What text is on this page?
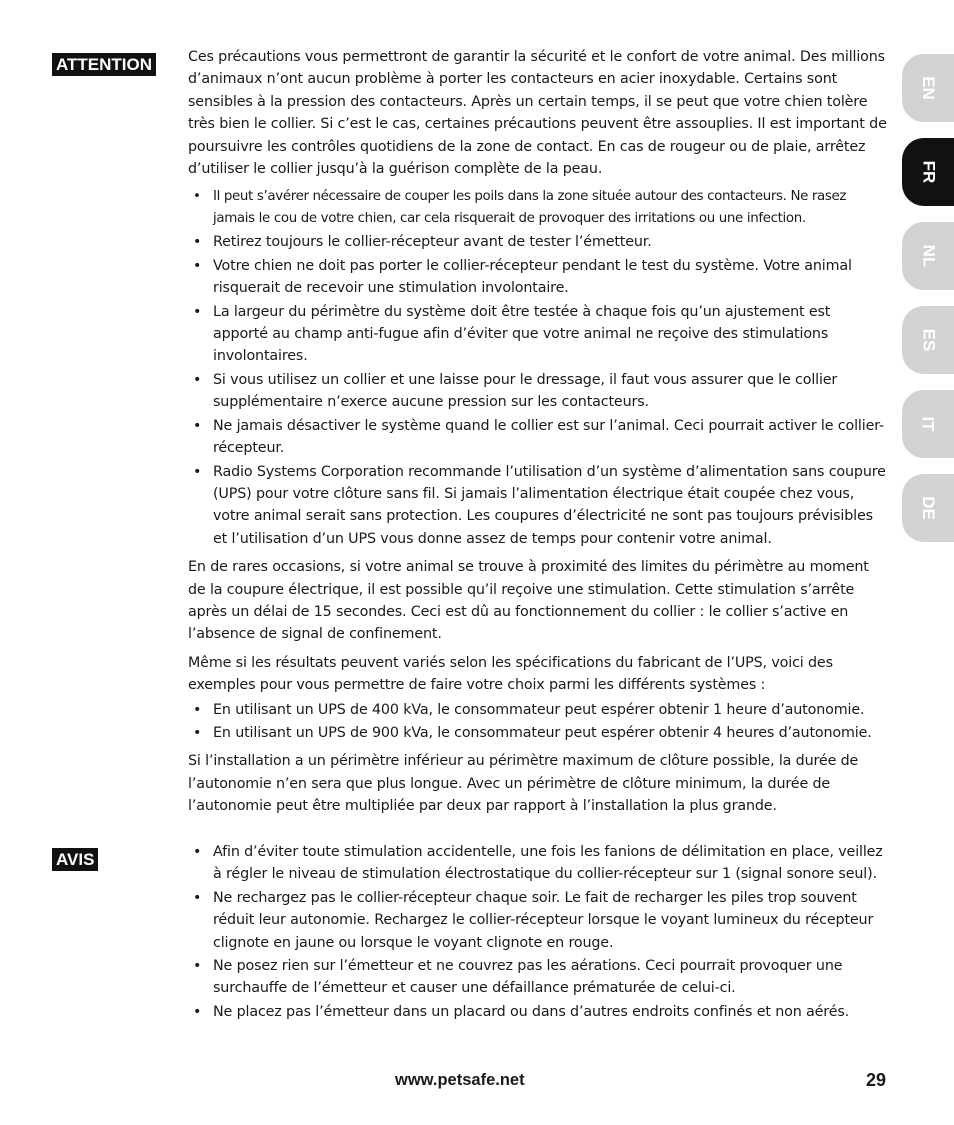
ATTENTION
AVIS

Ces précautions vous permettront de garantir la sécurité et le confort de votre animal. Des millions d’animaux n’ont aucun problème à porter les contacteurs en acier inoxydable. Certains sont sensibles à la pression des contacteurs. Après un certain temps, il se peut que votre chien tolère très bien le collier. Si c’est le cas, certaines précautions peuvent être assouplies. Il est important de poursuivre les contrôles quotidiens de la zone de contact. En cas de rougeur ou de plaie, arrêtez d’utiliser le collier jusqu’à la guérison complète de la peau.

• Il peut s’avérer nécessaire de couper les poils dans la zone située autour des contacteurs. Ne rasez jamais le cou de votre chien, car cela risquerait de provoquer des irritations ou une infection.
• Retirez toujours le collier-récepteur avant de tester l’émetteur.
• Votre chien ne doit pas porter le collier-récepteur pendant le test du système. Votre animal risquerait de recevoir une stimulation involontaire.
• La largeur du périmètre du système doit être testée à chaque fois qu’un ajustement est apporté au champ anti-fugue afin d’éviter que votre animal ne reçoive des stimulations involontaires.
• Si vous utilisez un collier et une laisse pour le dressage, il faut vous assurer que le collier supplémentaire n’exerce aucune pression sur les contacteurs.
• Ne jamais désactiver le système quand le collier est sur l’animal. Ceci pourrait activer le collier-récepteur.
• Radio Systems Corporation recommande l’utilisation d’un système d’alimentation sans coupure (UPS) pour votre clôture sans fil. Si jamais l’alimentation électrique était coupée chez vous, votre animal serait sans protection. Les coupures d’électricité ne sont pas toujours prévisibles et l’utilisation d’un UPS vous donne assez de temps pour contenir votre animal.

En de rares occasions, si votre animal se trouve à proximité des limites du périmètre au moment de la coupure électrique, il est possible qu’il reçoive une stimulation. Cette stimulation s’arrête après un délai de 15 secondes. Ceci est dû au fonctionnement du collier : le collier s’active en l’absence de signal de confinement.

Même si les résultats peuvent variés selon les spécifications du fabricant de l’UPS, voici des exemples pour vous permettre de faire votre choix parmi les différents systèmes :

• En utilisant un UPS de 400 kVa, le consommateur peut espérer obtenir 1 heure d’autonomie.
• En utilisant un UPS de 900 kVa, le consommateur peut espérer obtenir 4 heures d’autonomie.

Si l’installation a un périmètre inférieur au périmètre maximum de clôture possible, la durée de l’autonomie n’en sera que plus longue. Avec un périmètre de clôture minimum, la durée de l’autonomie peut être multipliée par deux par rapport à l’installation la plus grande.

• Afin d’éviter toute stimulation accidentelle, une fois les fanions de délimitation en place, veillez à régler le niveau de stimulation électrostatique du collier-récepteur sur 1 (signal sonore seul).
• Ne rechargez pas le collier-récepteur chaque soir. Le fait de recharger les piles trop souvent réduit leur autonomie. Rechargez le collier-récepteur lorsque le voyant lumineux du récepteur clignote en jaune ou lorsque le voyant clignote en rouge.
• Ne posez rien sur l’émetteur et ne couvrez pas les aérations. Ceci pourrait provoquer une surchauffe de l’émetteur et causer une défaillance prématurée de celui-ci.
• Ne placez pas l’émetteur dans un placard ou dans d’autres endroits confinés et non aérés.
EN
FR
NL
ES
IT
DE
www.petsafe.net	29
